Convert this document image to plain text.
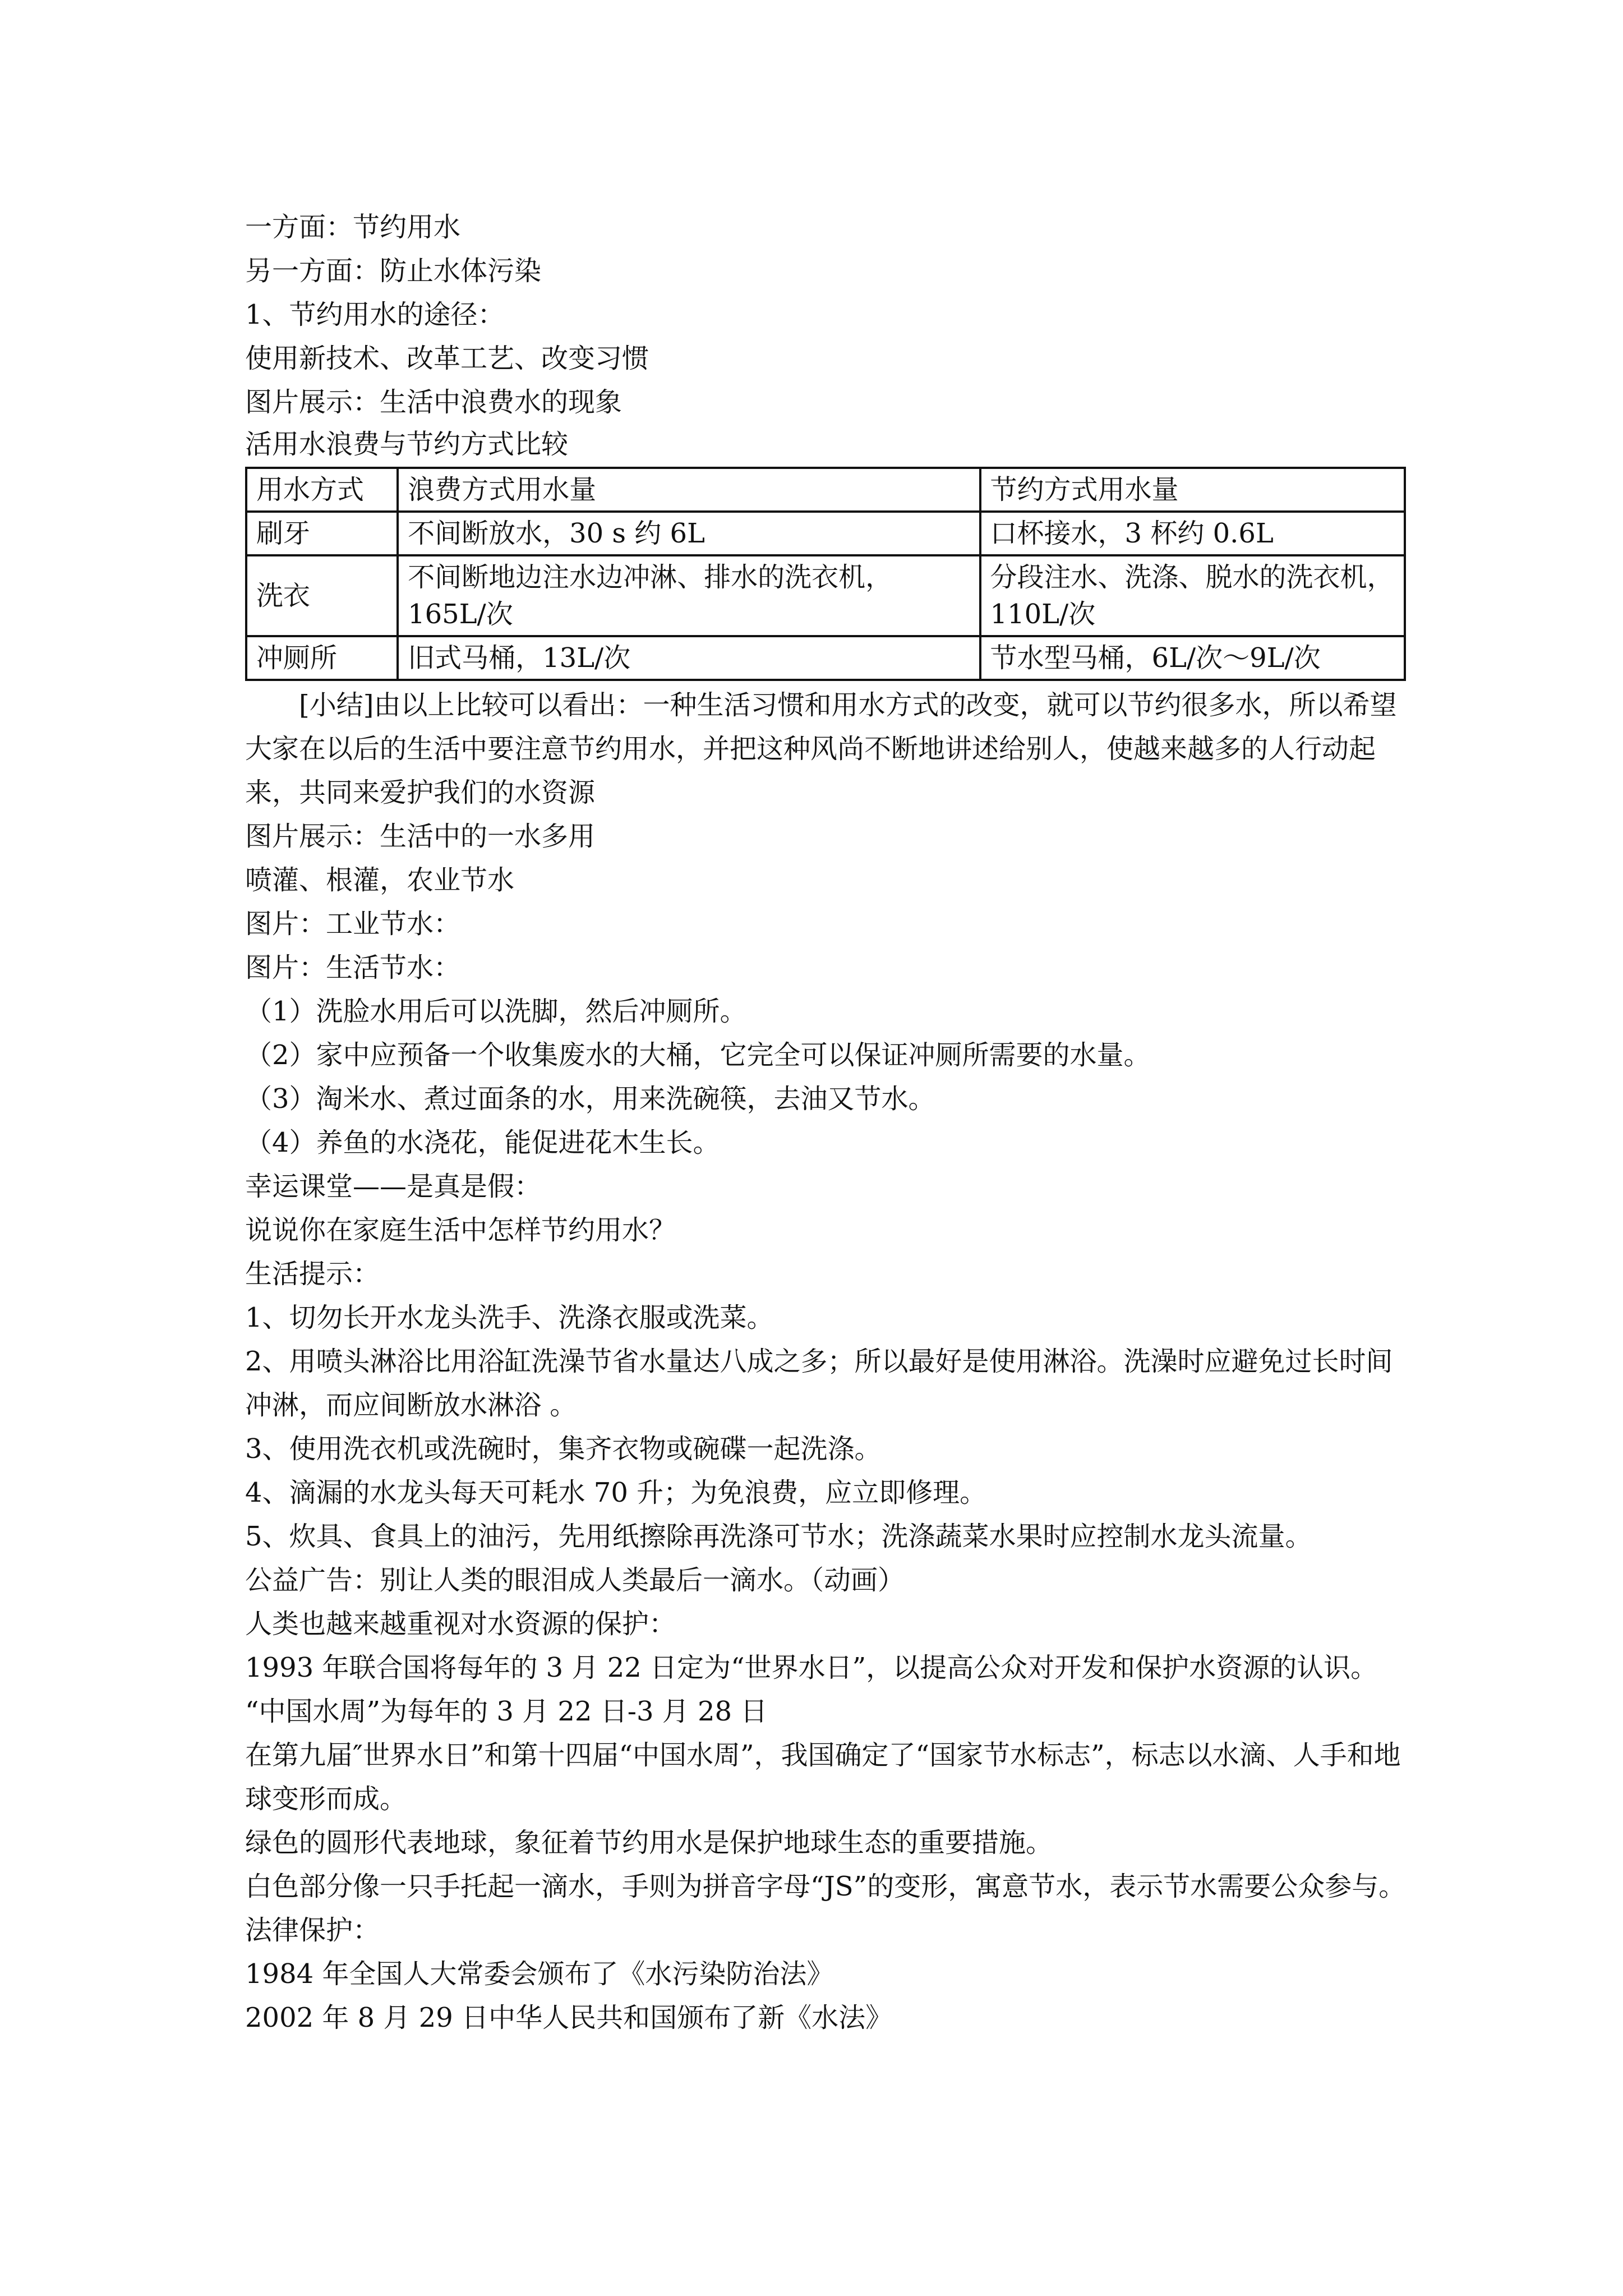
一方面：节约用水
另一方面：防止水体污染
1、节约用水的途径：
使用新技术、改革工艺、改变习惯
图片展示：生活中浪费水的现象
活用水浪费与节约方式比较
用水方式	浪费方式用水量	节约方式用水量
刷牙	不间断放水，30 s 约 6L	口杯接水，3 杯约 0.6L
洗衣	不间断地边注水边冲淋、排水的洗衣机，165L/次	分段注水、洗涤、脱水的洗衣机，110L/次
冲厕所	旧式马桶，13L/次	节水型马桶，6L/次～9L/次
[小结]由以上比较可以看出：一种生活习惯和用水方式的改变，就可以节约很多水，所以希望大家在以后的生活中要注意节约用水，并把这种风尚不断地讲述给别人，使越来越多的人行动起来，共同来爱护我们的水资源
图片展示：生活中的一水多用
喷灌、根灌，农业节水
图片：工业节水：
图片：生活节水：
（1）洗脸水用后可以洗脚，然后冲厕所。
（2）家中应预备一个收集废水的大桶，它完全可以保证冲厕所需要的水量。
（3）淘米水、煮过面条的水，用来洗碗筷，去油又节水。
（4）养鱼的水浇花，能促进花木生长。
幸运课堂——是真是假：
说说你在家庭生活中怎样节约用水？
生活提示：
1、切勿长开水龙头洗手、洗涤衣服或洗菜。
2、用喷头淋浴比用浴缸洗澡节省水量达八成之多；所以最好是使用淋浴。洗澡时应避免过长时间冲淋，而应间断放水淋浴 。
3、使用洗衣机或洗碗时，集齐衣物或碗碟一起洗涤。
4、滴漏的水龙头每天可耗水 70 升；为免浪费，应立即修理。
5、炊具、食具上的油污，先用纸擦除再洗涤可节水；洗涤蔬菜水果时应控制水龙头流量。
公益广告：别让人类的眼泪成人类最后一滴水。（动画）
人类也越来越重视对水资源的保护：
1993 年联合国将每年的 3 月 22 日定为“世界水日”，以提高公众对开发和保护水资源的认识。
“中国水周”为每年的 3 月 22 日-3 月 28 日
在第九届″世界水日”和第十四届“中国水周”，我国确定了“国家节水标志”，标志以水滴、人手和地球变形而成。
绿色的圆形代表地球，象征着节约用水是保护地球生态的重要措施。
白色部分像一只手托起一滴水，手则为拼音字母“JS”的变形，寓意节水，表示节水需要公众参与。
法律保护：
1984 年全国人大常委会颁布了《水污染防治法》
2002 年 8 月 29 日中华人民共和国颁布了新《水法》
